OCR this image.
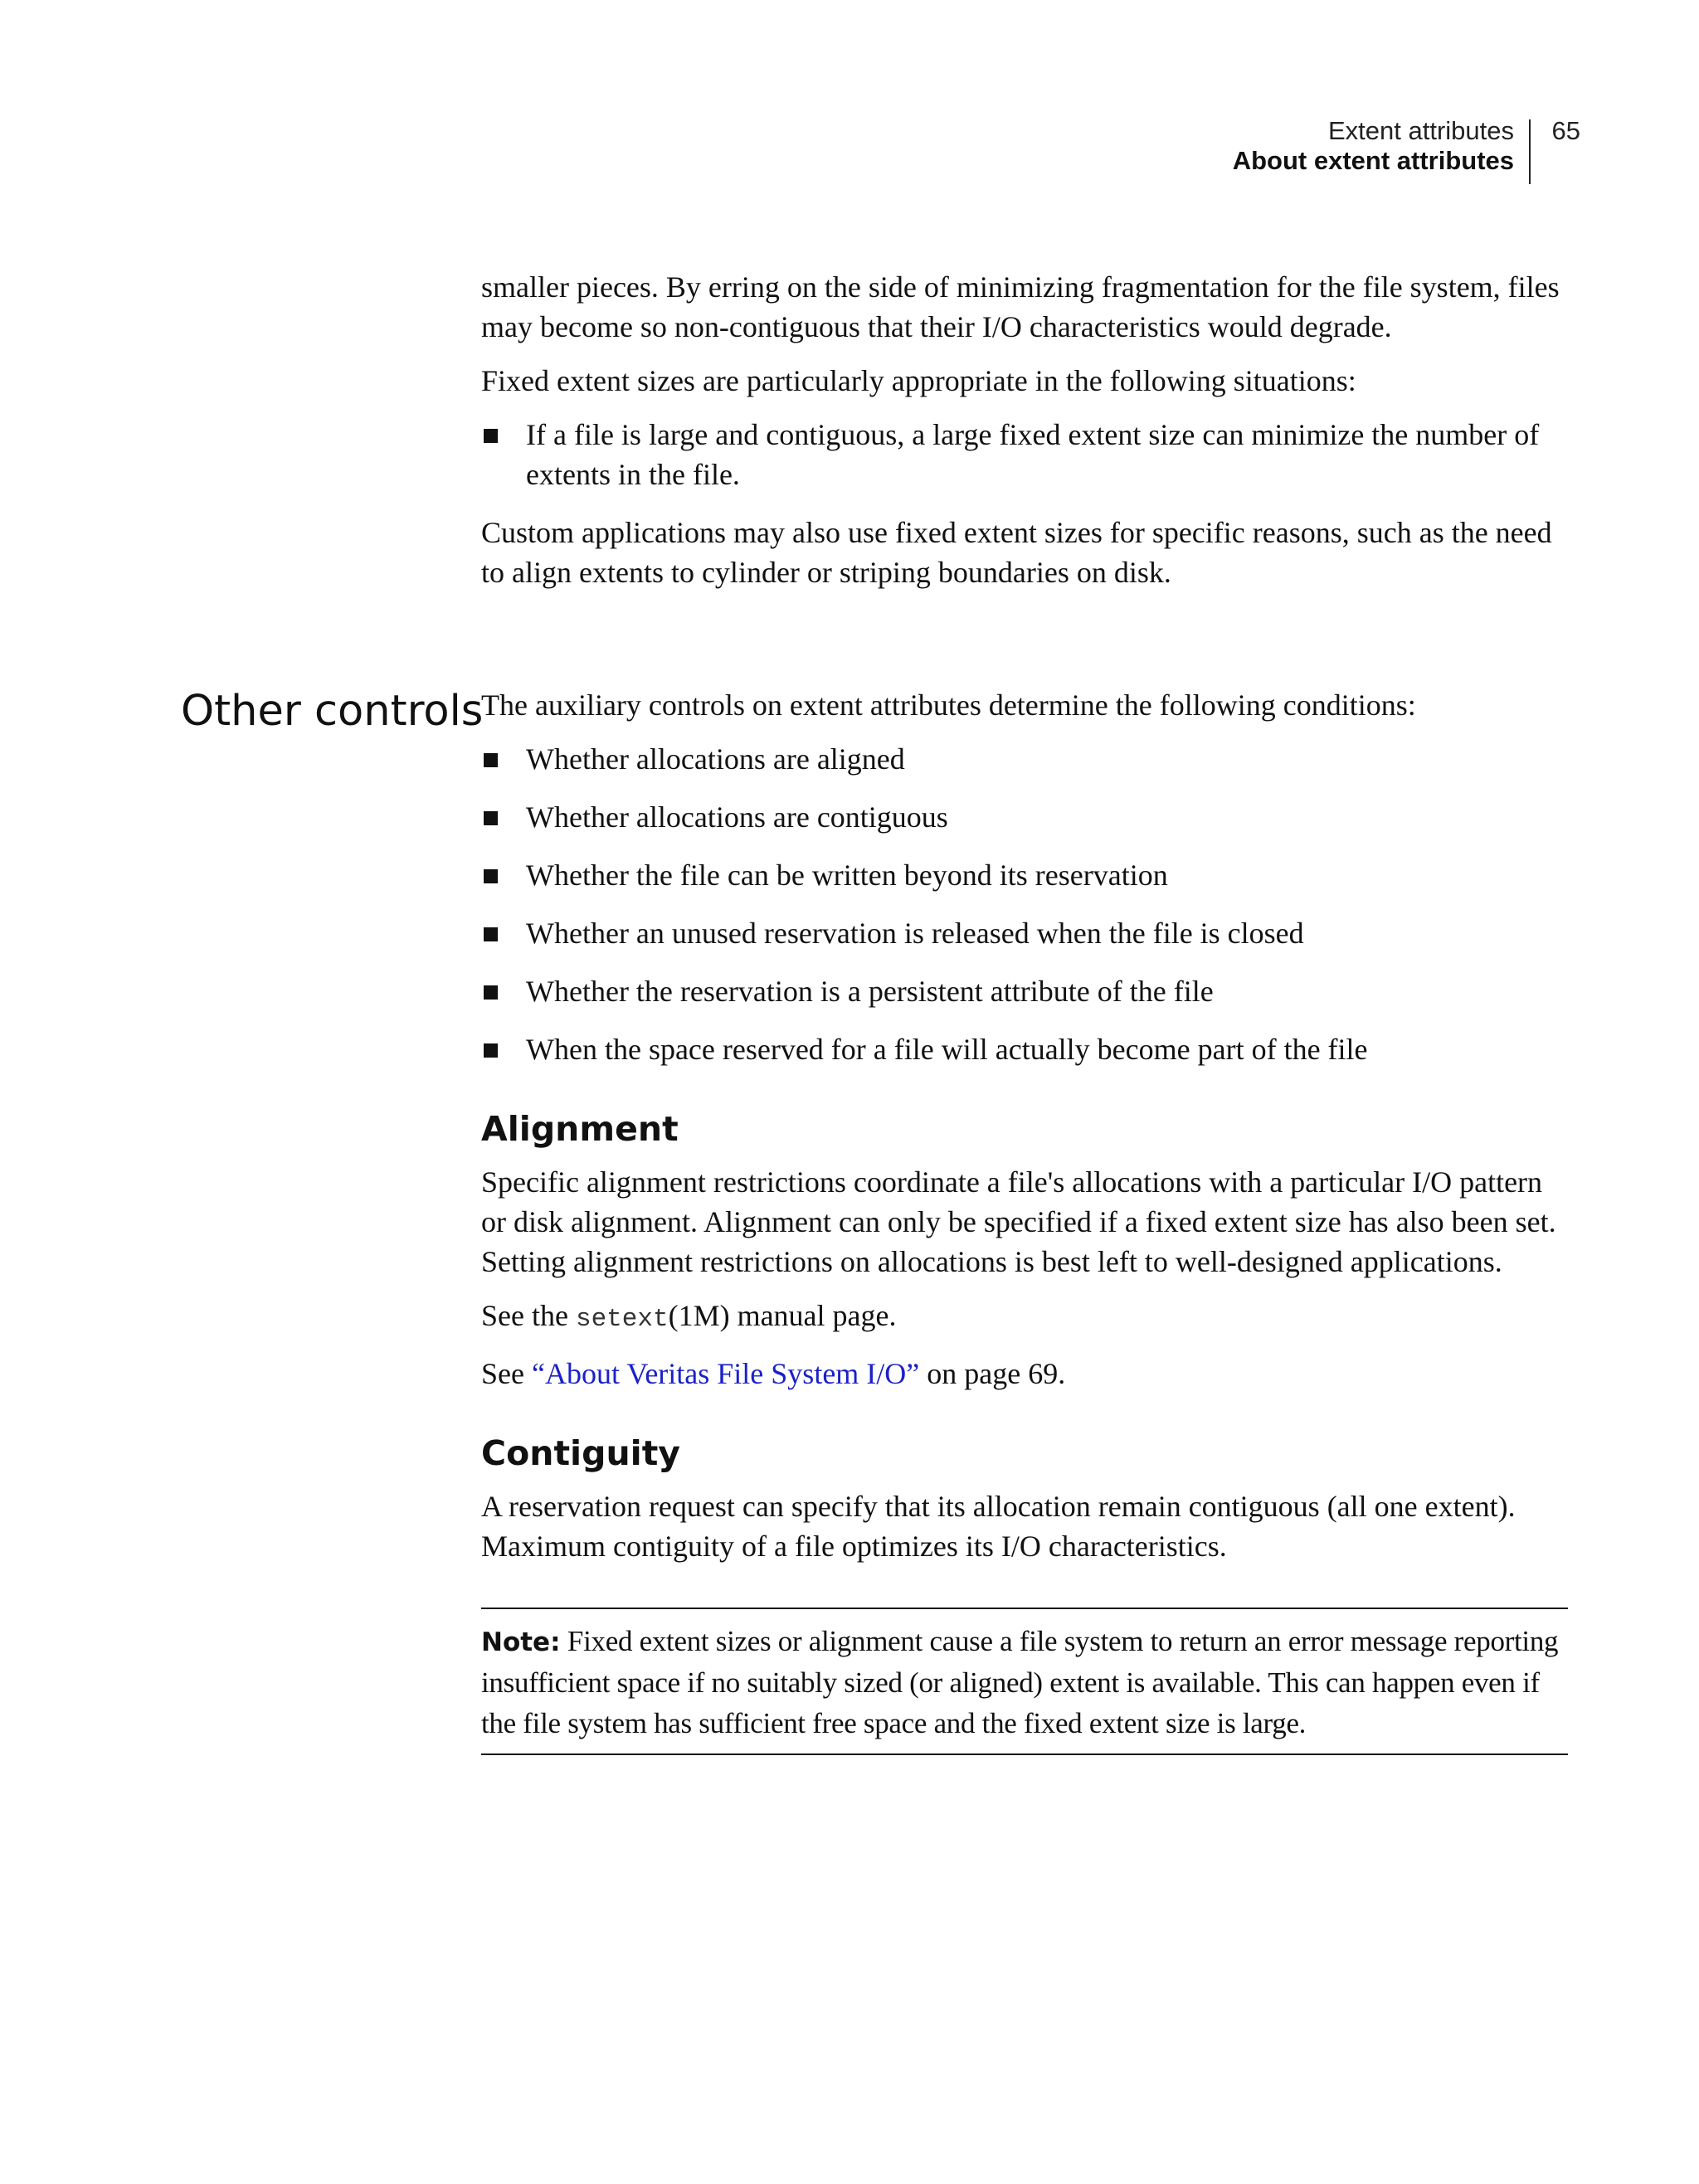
Extent attributes
About extent attributes
65
Other controls

smaller pieces. By erring on the side of minimizing fragmentation for the file system, files may become so non-contiguous that their I/O characteristics would degrade.

Fixed extent sizes are particularly appropriate in the following situations:

If a file is large and contiguous, a large fixed extent size can minimize the number of extents in the file.

Custom applications may also use fixed extent sizes for specific reasons, such as the need to align extents to cylinder or striping boundaries on disk.

The auxiliary controls on extent attributes determine the following conditions:

Whether allocations are aligned
Whether allocations are contiguous
Whether the file can be written beyond its reservation
Whether an unused reservation is released when the file is closed
Whether the reservation is a persistent attribute of the file
When the space reserved for a file will actually become part of the file
Alignment

Specific alignment restrictions coordinate a file's allocations with a particular I/O pattern or disk alignment. Alignment can only be specified if a fixed extent size has also been set. Setting alignment restrictions on allocations is best left to well-designed applications.

See the setext(1M) manual page.

See “About Veritas File System I/O” on page 69.

Contiguity

A reservation request can specify that its allocation remain contiguous (all one extent). Maximum contiguity of a file optimizes its I/O characteristics.

Note: Fixed extent sizes or alignment cause a file system to return an error message reporting insufficient space if no suitably sized (or aligned) extent is available. This can happen even if the file system has sufficient free space and the fixed extent size is large.
